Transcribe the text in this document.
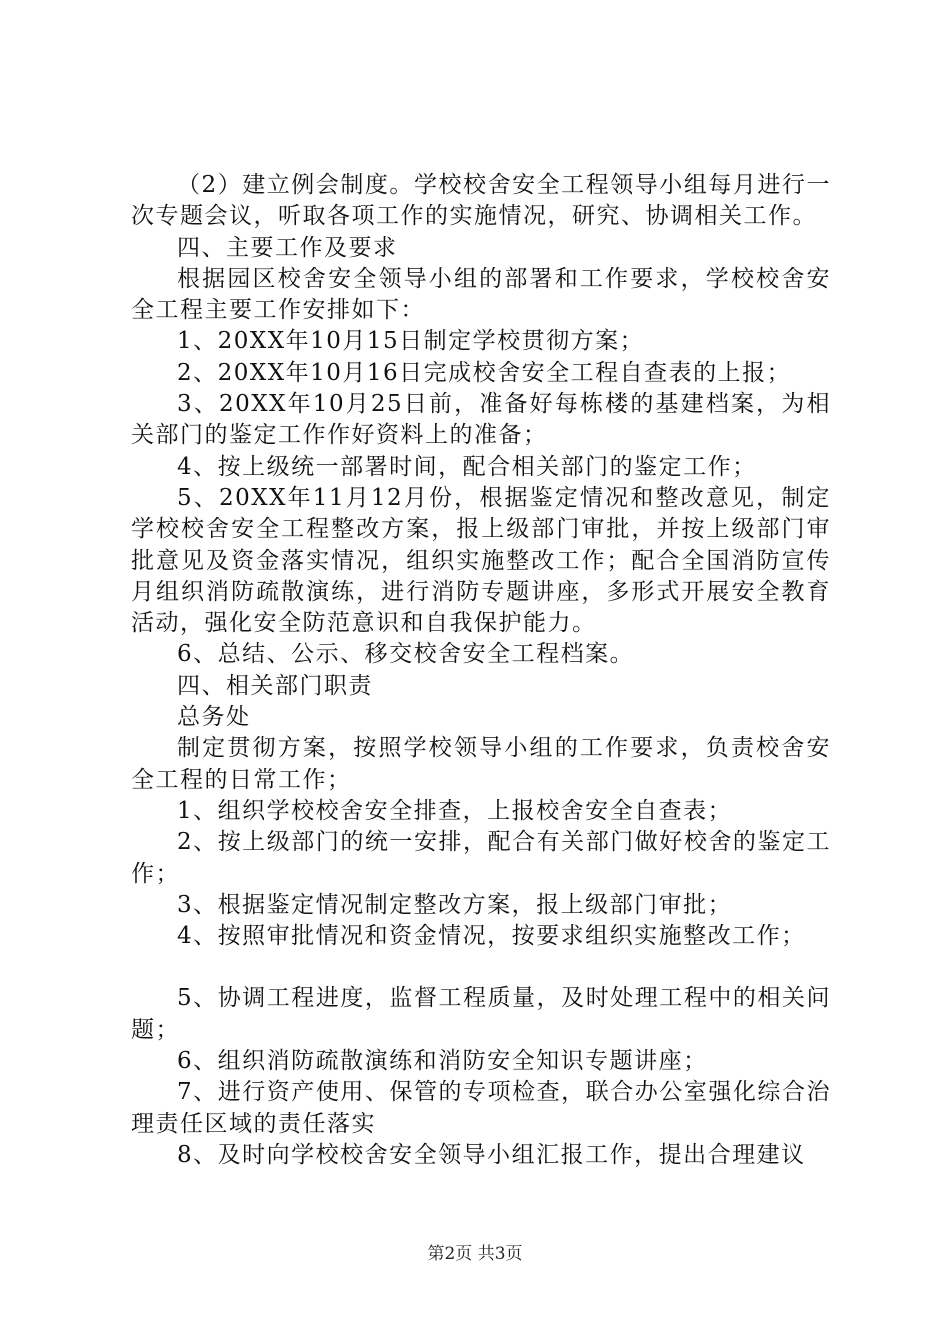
（2）建立例会制度。学校校舍安全工程领导小组每月进行一次专题会议，听取各项工作的实施情况，研究、协调相关工作。

四、主要工作及要求

根据园区校舍安全领导小组的部署和工作要求，学校校舍安全工程主要工作安排如下：

1、20XX年10月15日制定学校贯彻方案；

2、20XX年10月16日完成校舍安全工程自查表的上报；

3、20XX年10月25日前，准备好每栋楼的基建档案，为相关部门的鉴定工作作好资料上的准备；

4、按上级统一部署时间，配合相关部门的鉴定工作；

5、20XX年11月12月份，根据鉴定情况和整改意见，制定学校校舍安全工程整改方案，报上级部门审批，并按上级部门审批意见及资金落实情况，组织实施整改工作；配合全国消防宣传月组织消防疏散演练，进行消防专题讲座，多形式开展安全教育活动，强化安全防范意识和自我保护能力。

6、总结、公示、移交校舍安全工程档案。

四、相关部门职责

总务处

制定贯彻方案，按照学校领导小组的工作要求，负责校舍安全工程的日常工作；

1、组织学校校舍安全排查，上报校舍安全自查表；

2、按上级部门的统一安排，配合有关部门做好校舍的鉴定工作；

3、根据鉴定情况制定整改方案，报上级部门审批；

4、按照审批情况和资金情况，按要求组织实施整改工作；

5、协调工程进度，监督工程质量，及时处理工程中的相关问题；

6、组织消防疏散演练和消防安全知识专题讲座；

7、进行资产使用、保管的专项检查，联合办公室强化综合治理责任区域的责任落实

8、及时向学校校舍安全领导小组汇报工作，提出合理建议

第2页 共3页
